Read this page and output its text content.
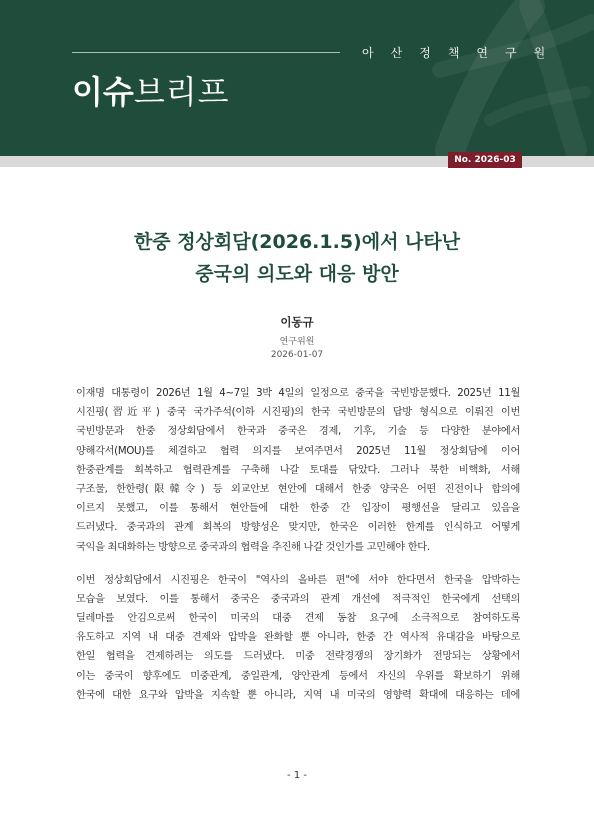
아 산 정 책 연 구 원
이슈브리프
No. 2026-03
한중 정상회담(2026.1.5)에서 나타난
중국의 의도와 대응 방안
이동규
연구위원
2026-01-07
이재명 대통령이 2026년 1월 4~7일 3박 4일의 일정으로 중국을 국빈방문했다. 2025년 11월
시진핑(習近平) 중국 국가주석(이하 시진핑)의 한국 국빈방문의 답방 형식으로 이뤄진 이번
국빈방문과 한중 정상회담에서 한국과 중국은 경제, 기후, 기술 등 다양한 분야에서
양해각서(MOU)를 체결하고 협력 의지를 보여주면서 2025년 11월 정상회담에 이어
한중관계를 회복하고 협력관계를 구축해 나갈 토대를 닦았다. 그러나 북한 비핵화, 서해
구조물, 한한령(限韓令) 등 외교안보 현안에 대해서 한중 양국은 어떤 진전이나 합의에
이르지 못했고, 이를 통해서 현안들에 대한 한중 간 입장이 평행선을 달리고 있음을
드러냈다. 중국과의 관계 회복의 방향성은 맞지만, 한국은 이러한 한계를 인식하고 어떻게
국익을 최대화하는 방향으로 중국과의 협력을 추진해 나갈 것인가를 고민해야 한다.
이번 정상회담에서 시진핑은 한국이 "역사의 올바른 편"에 서야 한다면서 한국을 압박하는
모습을 보였다. 이를 통해서 중국은 중국과의 관계 개선에 적극적인 한국에게 선택의
딜레마를 안김으로써 한국이 미국의 대중 견제 동참 요구에 소극적으로 참여하도록
유도하고 지역 내 대중 견제와 압박을 완화할 뿐 아니라, 한중 간 역사적 유대감을 바탕으로
한일 협력을 견제하려는 의도를 드러냈다. 미중 전략경쟁의 장기화가 전망되는 상황에서
이는 중국이 향후에도 미중관계, 중일관계, 양안관계 등에서 자신의 우위를 확보하기 위해
한국에 대한 요구와 압박을 지속할 뿐 아니라, 지역 내 미국의 영향력 확대에 대응하는 데에
- 1 -
